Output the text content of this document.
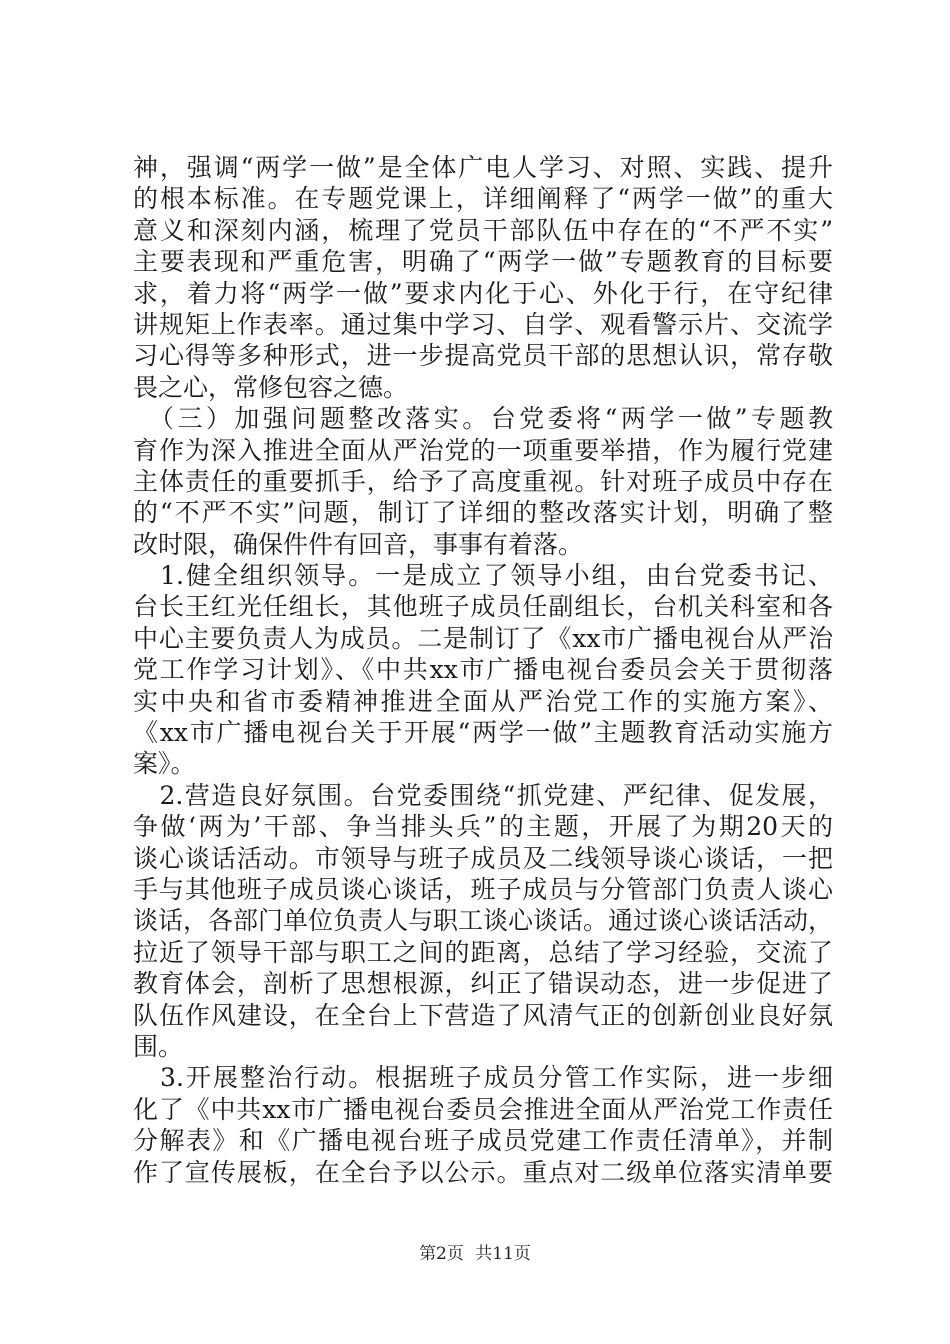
神，强调“两学一做”是全体广电人学习、对照、实践、提升
的根本标准。在专题党课上，详细阐释了“两学一做”的重大
意义和深刻内涵，梳理了党员干部队伍中存在的“不严不实”
主要表现和严重危害，明确了“两学一做”专题教育的目标要
求，着力将“两学一做”要求内化于心、外化于行，在守纪律
讲规矩上作表率。通过集中学习、自学、观看警示片、交流学
习心得等多种形式，进一步提高党员干部的思想认识，常存敬
畏之心，常修包容之德。
　（三）加强问题整改落实。台党委将“两学一做”专题教
育作为深入推进全面从严治党的一项重要举措，作为履行党建
主体责任的重要抓手，给予了高度重视。针对班子成员中存在
的“不严不实”问题，制订了详细的整改落实计划，明确了整
改时限，确保件件有回音，事事有着落。
　1.健全组织领导。一是成立了领导小组，由台党委书记、
台长王红光任组长，其他班子成员任副组长，台机关科室和各
中心主要负责人为成员。二是制订了《xx市广播电视台从严治
党工作学习计划》、《中共xx市广播电视台委员会关于贯彻落
实中央和省市委精神推进全面从严治党工作的实施方案》、
《xx市广播电视台关于开展“两学一做”主题教育活动实施方
案》。
　2.营造良好氛围。台党委围绕“抓党建、严纪律、促发展，
争做‘两为’干部、争当排头兵”的主题，开展了为期20天的
谈心谈话活动。市领导与班子成员及二线领导谈心谈话，一把
手与其他班子成员谈心谈话，班子成员与分管部门负责人谈心
谈话，各部门单位负责人与职工谈心谈话。通过谈心谈话活动，
拉近了领导干部与职工之间的距离，总结了学习经验，交流了
教育体会，剖析了思想根源，纠正了错误动态，进一步促进了
队伍作风建设，在全台上下营造了风清气正的创新创业良好氛
围。
　3.开展整治行动。根据班子成员分管工作实际，进一步细
化了《中共xx市广播电视台委员会推进全面从严治党工作责任
分解表》和《广播电视台班子成员党建工作责任清单》，并制
作了宣传展板，在全台予以公示。重点对二级单位落实清单要
第2页 共11页
